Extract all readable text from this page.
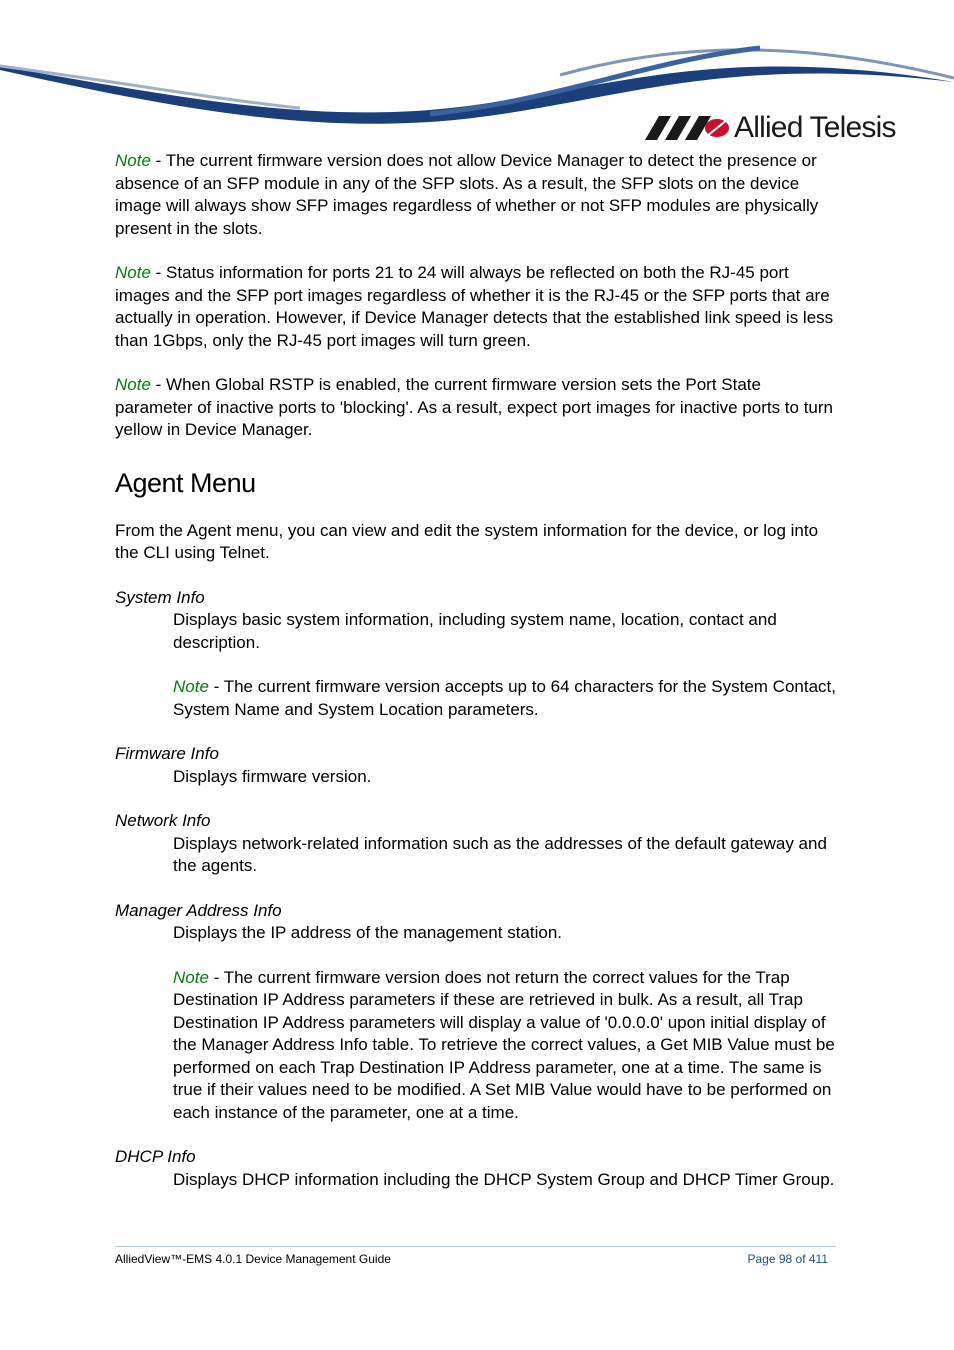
Allied Telesis

Note - The current firmware version does not allow Device Manager to detect the presence or absence of an SFP module in any of the SFP slots. As a result, the SFP slots on the device image will always show SFP images regardless of whether or not SFP modules are physically present in the slots.

Note - Status information for ports 21 to 24 will always be reflected on both the RJ-45 port images and the SFP port images regardless of whether it is the RJ-45 or the SFP ports that are actually in operation. However, if Device Manager detects that the established link speed is less than 1Gbps, only the RJ-45 port images will turn green.

Note - When Global RSTP is enabled, the current firmware version sets the Port State parameter of inactive ports to 'blocking'. As a result, expect port images for inactive ports to turn yellow in Device Manager.

Agent Menu

From the Agent menu, you can view and edit the system information for the device, or log into the CLI using Telnet.

System Info

Displays basic system information, including system name, location, contact and description.

Note - The current firmware version accepts up to 64 characters for the System Contact, System Name and System Location parameters.

Firmware Info

Displays firmware version.

Network Info

Displays network-related information such as the addresses of the default gateway and the agents.

Manager Address Info

Displays the IP address of the management station.

Note - The current firmware version does not return the correct values for the Trap Destination IP Address parameters if these are retrieved in bulk. As a result, all Trap Destination IP Address parameters will display a value of '0.0.0.0' upon initial display of the Manager Address Info table. To retrieve the correct values, a Get MIB Value must be performed on each Trap Destination IP Address parameter, one at a time. The same is true if their values need to be modified. A Set MIB Value would have to be performed on each instance of the parameter, one at a time.

DHCP Info

Displays DHCP information including the DHCP System Group and DHCP Timer Group.

AlliedView™-EMS 4.0.1 Device Management Guide	Page 98 of 411
